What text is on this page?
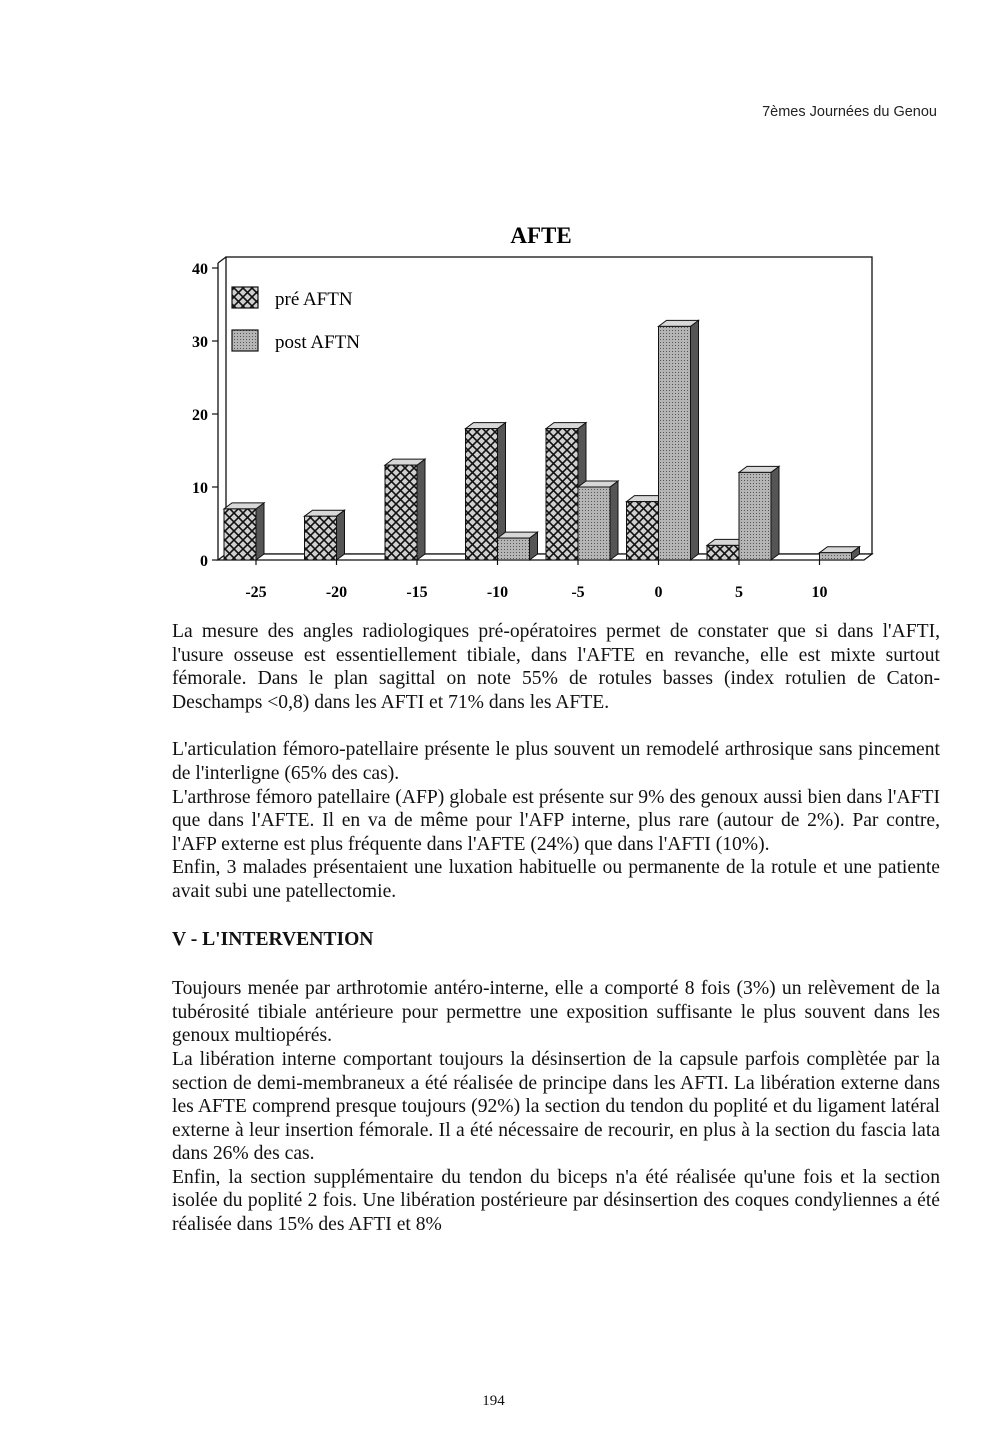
7èmes Journées du Genou
AFTE
0
10
20
30
40
-25	-20	-15	-10	-5	0	5	10
pré AFTN
post AFTN

La mesure des angles radiologiques pré-opératoires permet de constater que si dans l'AFTI, l'usure osseuse est essentiellement tibiale, dans l'AFTE en revanche, elle est mixte surtout fémorale. Dans le plan sagittal on note 55% de rotules basses (index rotulien de Caton-Deschamps <0,8) dans les AFTI et 71% dans les AFTE.

L'articulation fémoro-patellaire présente le plus souvent un remodelé arthrosique sans pincement de l'interligne (65% des cas).

L'arthrose fémoro patellaire (AFP) globale est présente sur 9% des genoux aussi bien dans l'AFTI que dans l'AFTE. Il en va de même pour l'AFP interne, plus rare (autour de 2%). Par contre, l'AFP externe est plus fréquente dans l'AFTE (24%) que dans l'AFTI (10%).

Enfin, 3 malades présentaient une luxation habituelle ou permanente de la rotule et une patiente avait subi une patellectomie.

V - L'INTERVENTION

Toujours menée par arthrotomie antéro-interne, elle a comporté 8 fois (3%) un relèvement de la tubérosité tibiale antérieure pour permettre une exposition suffisante le plus souvent dans les genoux multiopérés.

La libération interne comportant toujours la désinsertion de la capsule parfois complètée par la section de demi-membraneux a été réalisée de principe dans les AFTI. La libération externe dans les AFTE comprend presque toujours (92%) la section du tendon du poplité et du ligament latéral externe à leur insertion fémorale. Il a été nécessaire de recourir, en plus à la section du fascia lata dans 26% des cas.

Enfin, la section supplémentaire du tendon du biceps n'a été réalisée qu'une fois et la section isolée du poplité 2 fois. Une libération postérieure par désinsertion des coques condyliennes a été réalisée dans 15% des AFTI et 8%

194
